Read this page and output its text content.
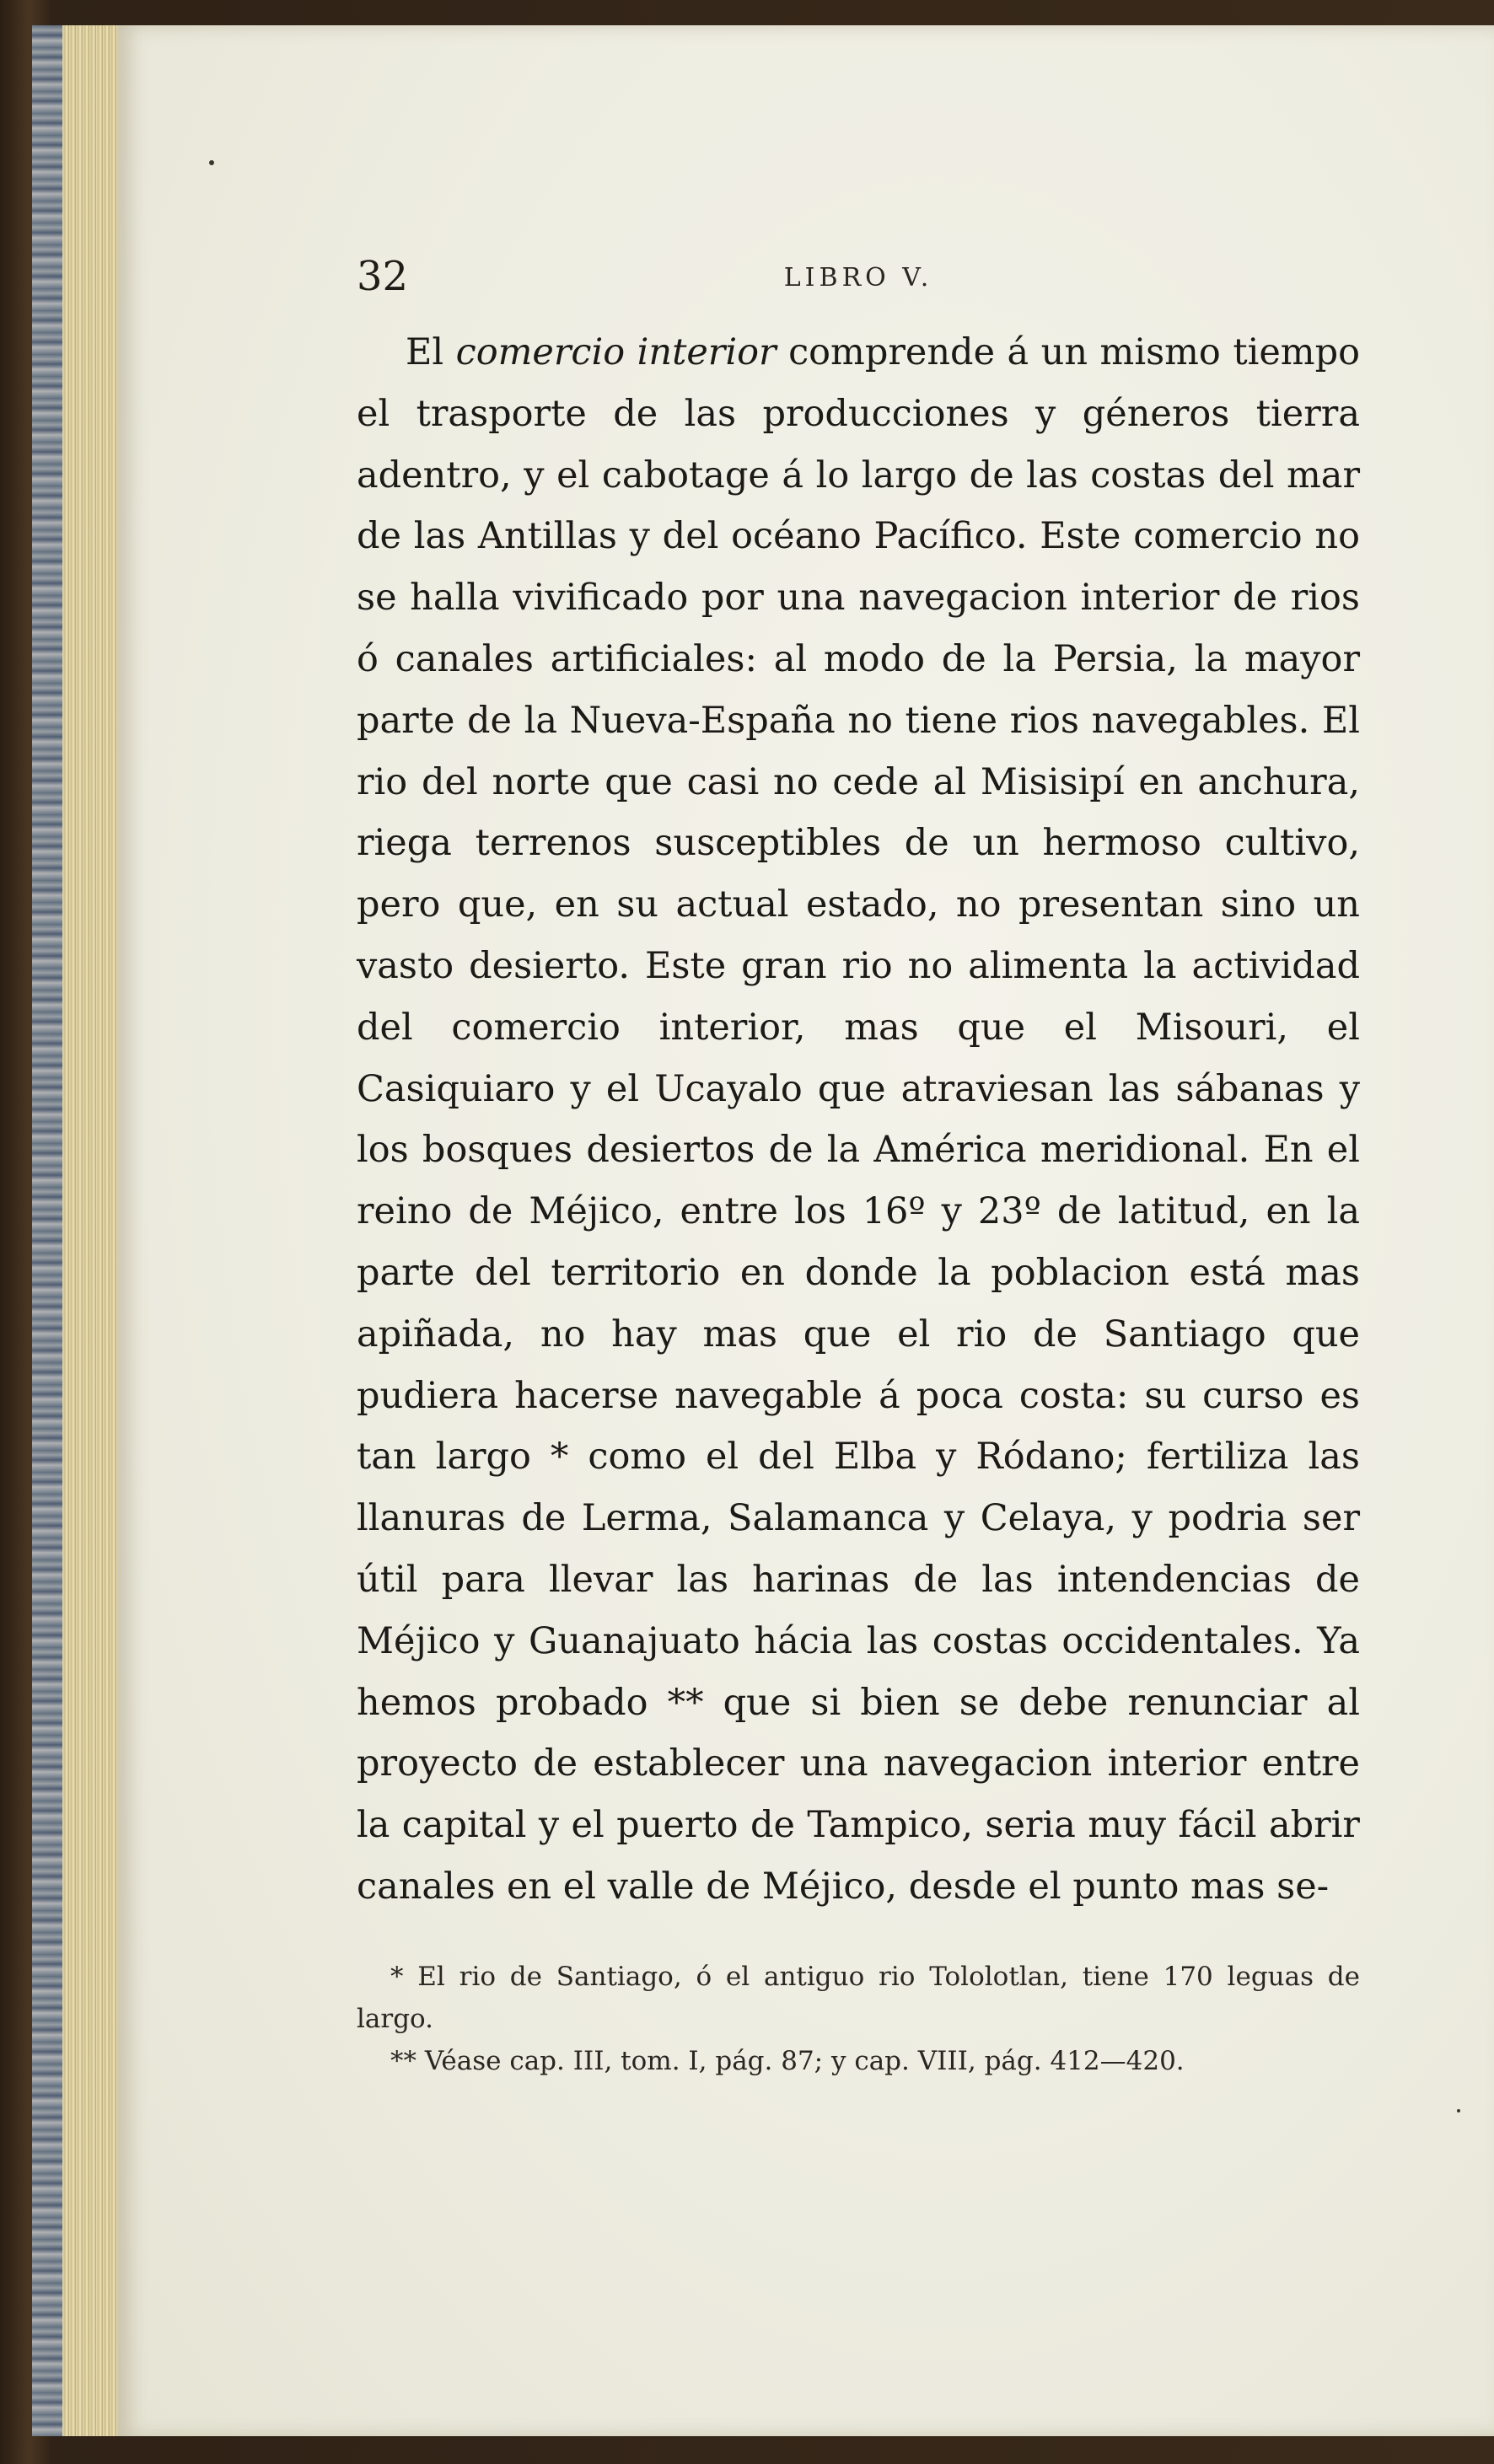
32	LIBRO V.

El comercio interior comprende á un mismo tiempo el trasporte de las producciones y géneros tierra adentro, y el cabotage á lo largo de las costas del mar de las Antillas y del océano Pacífico. Este comercio no se halla vivificado por una navegacion interior de rios ó canales artificiales: al modo de la Persia, la mayor parte de la Nueva-España no tiene rios navegables. El rio del norte que casi no cede al Misisipí en anchura, riega terrenos susceptibles de un hermoso cultivo, pero que, en su actual estado, no presentan sino un vasto desierto. Este gran rio no alimenta la actividad del comercio interior, mas que el Misouri, el Casiquiaro y el Ucayalo que atraviesan las sábanas y los bosques desiertos de la América meridional. En el reino de Méjico, entre los 16º y 23º de latitud, en la parte del territorio en donde la poblacion está mas apiñada, no hay mas que el rio de Santiago que pudiera hacerse navegable á poca costa: su curso es tan largo * como el del Elba y Ródano; fertiliza las llanuras de Lerma, Salamanca y Celaya, y podria ser útil para llevar las harinas de las intendencias de Méjico y Guanajuato hácia las costas occidentales. Ya hemos probado ** que si bien se debe renunciar al proyecto de establecer una navegacion interior entre la capital y el puerto de Tampico, seria muy fácil abrir canales en el valle de Méjico, desde el punto mas se-

* El rio de Santiago, ó el antiguo rio Tololotlan, tiene 170 leguas de largo.

** Véase cap. III, tom. I, pág. 87; y cap. VIII, pág. 412—420.
